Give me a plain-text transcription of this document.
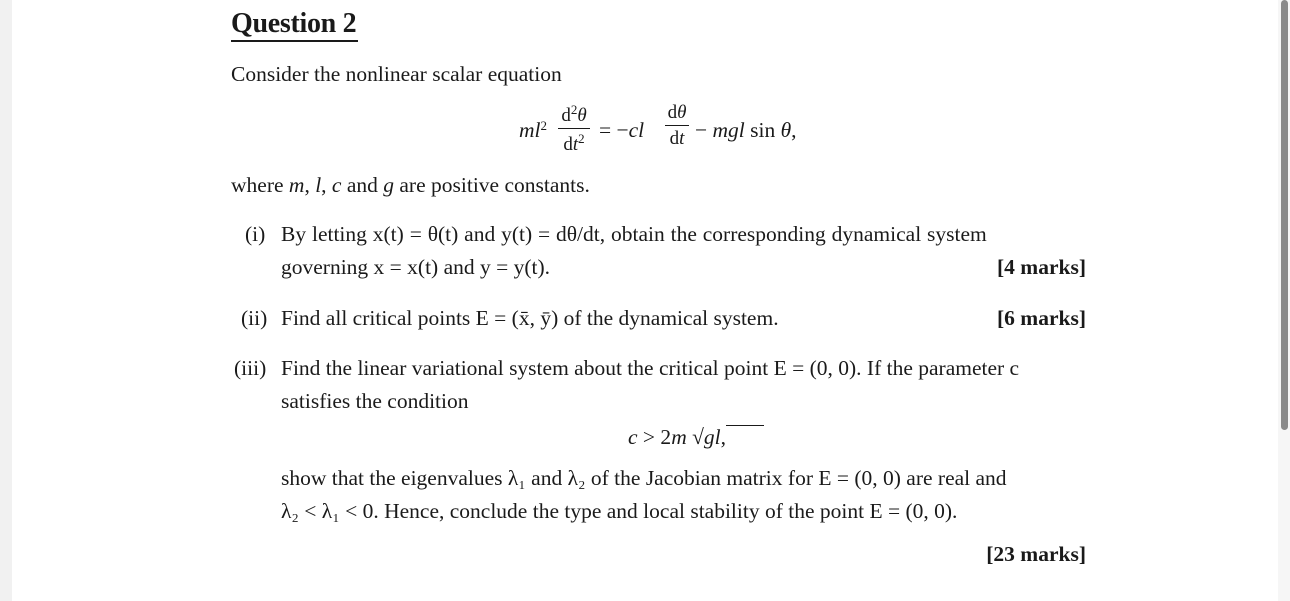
Question 2
Consider the nonlinear scalar equation
$ml^2$ $d^2\theta$
$dt^2 = -cl$
dθ
dt − mgl sin θ,
where m, l, c and g are positive constants.
(i) By letting x(t) = θ(t) and y(t) = dθ/dt, obtain the corresponding dynamical system
governing x = x(t) and y = y(t).	[4 marks]
(ii) Find all critical points E = (x̄, ȳ) of the dynamical system.	[6 marks]
(iii) Find the linear variational system about the critical point E = (0, 0). If the parameter c
satisfies the condition
c > 2m √gl,
show that the eigenvalues λ₁ and λ₂ of the Jacobian matrix for E = (0, 0) are real and
λ₂ < λ₁ < 0. Hence, conclude the type and local stability of the point E = (0, 0).
[23 marks]
